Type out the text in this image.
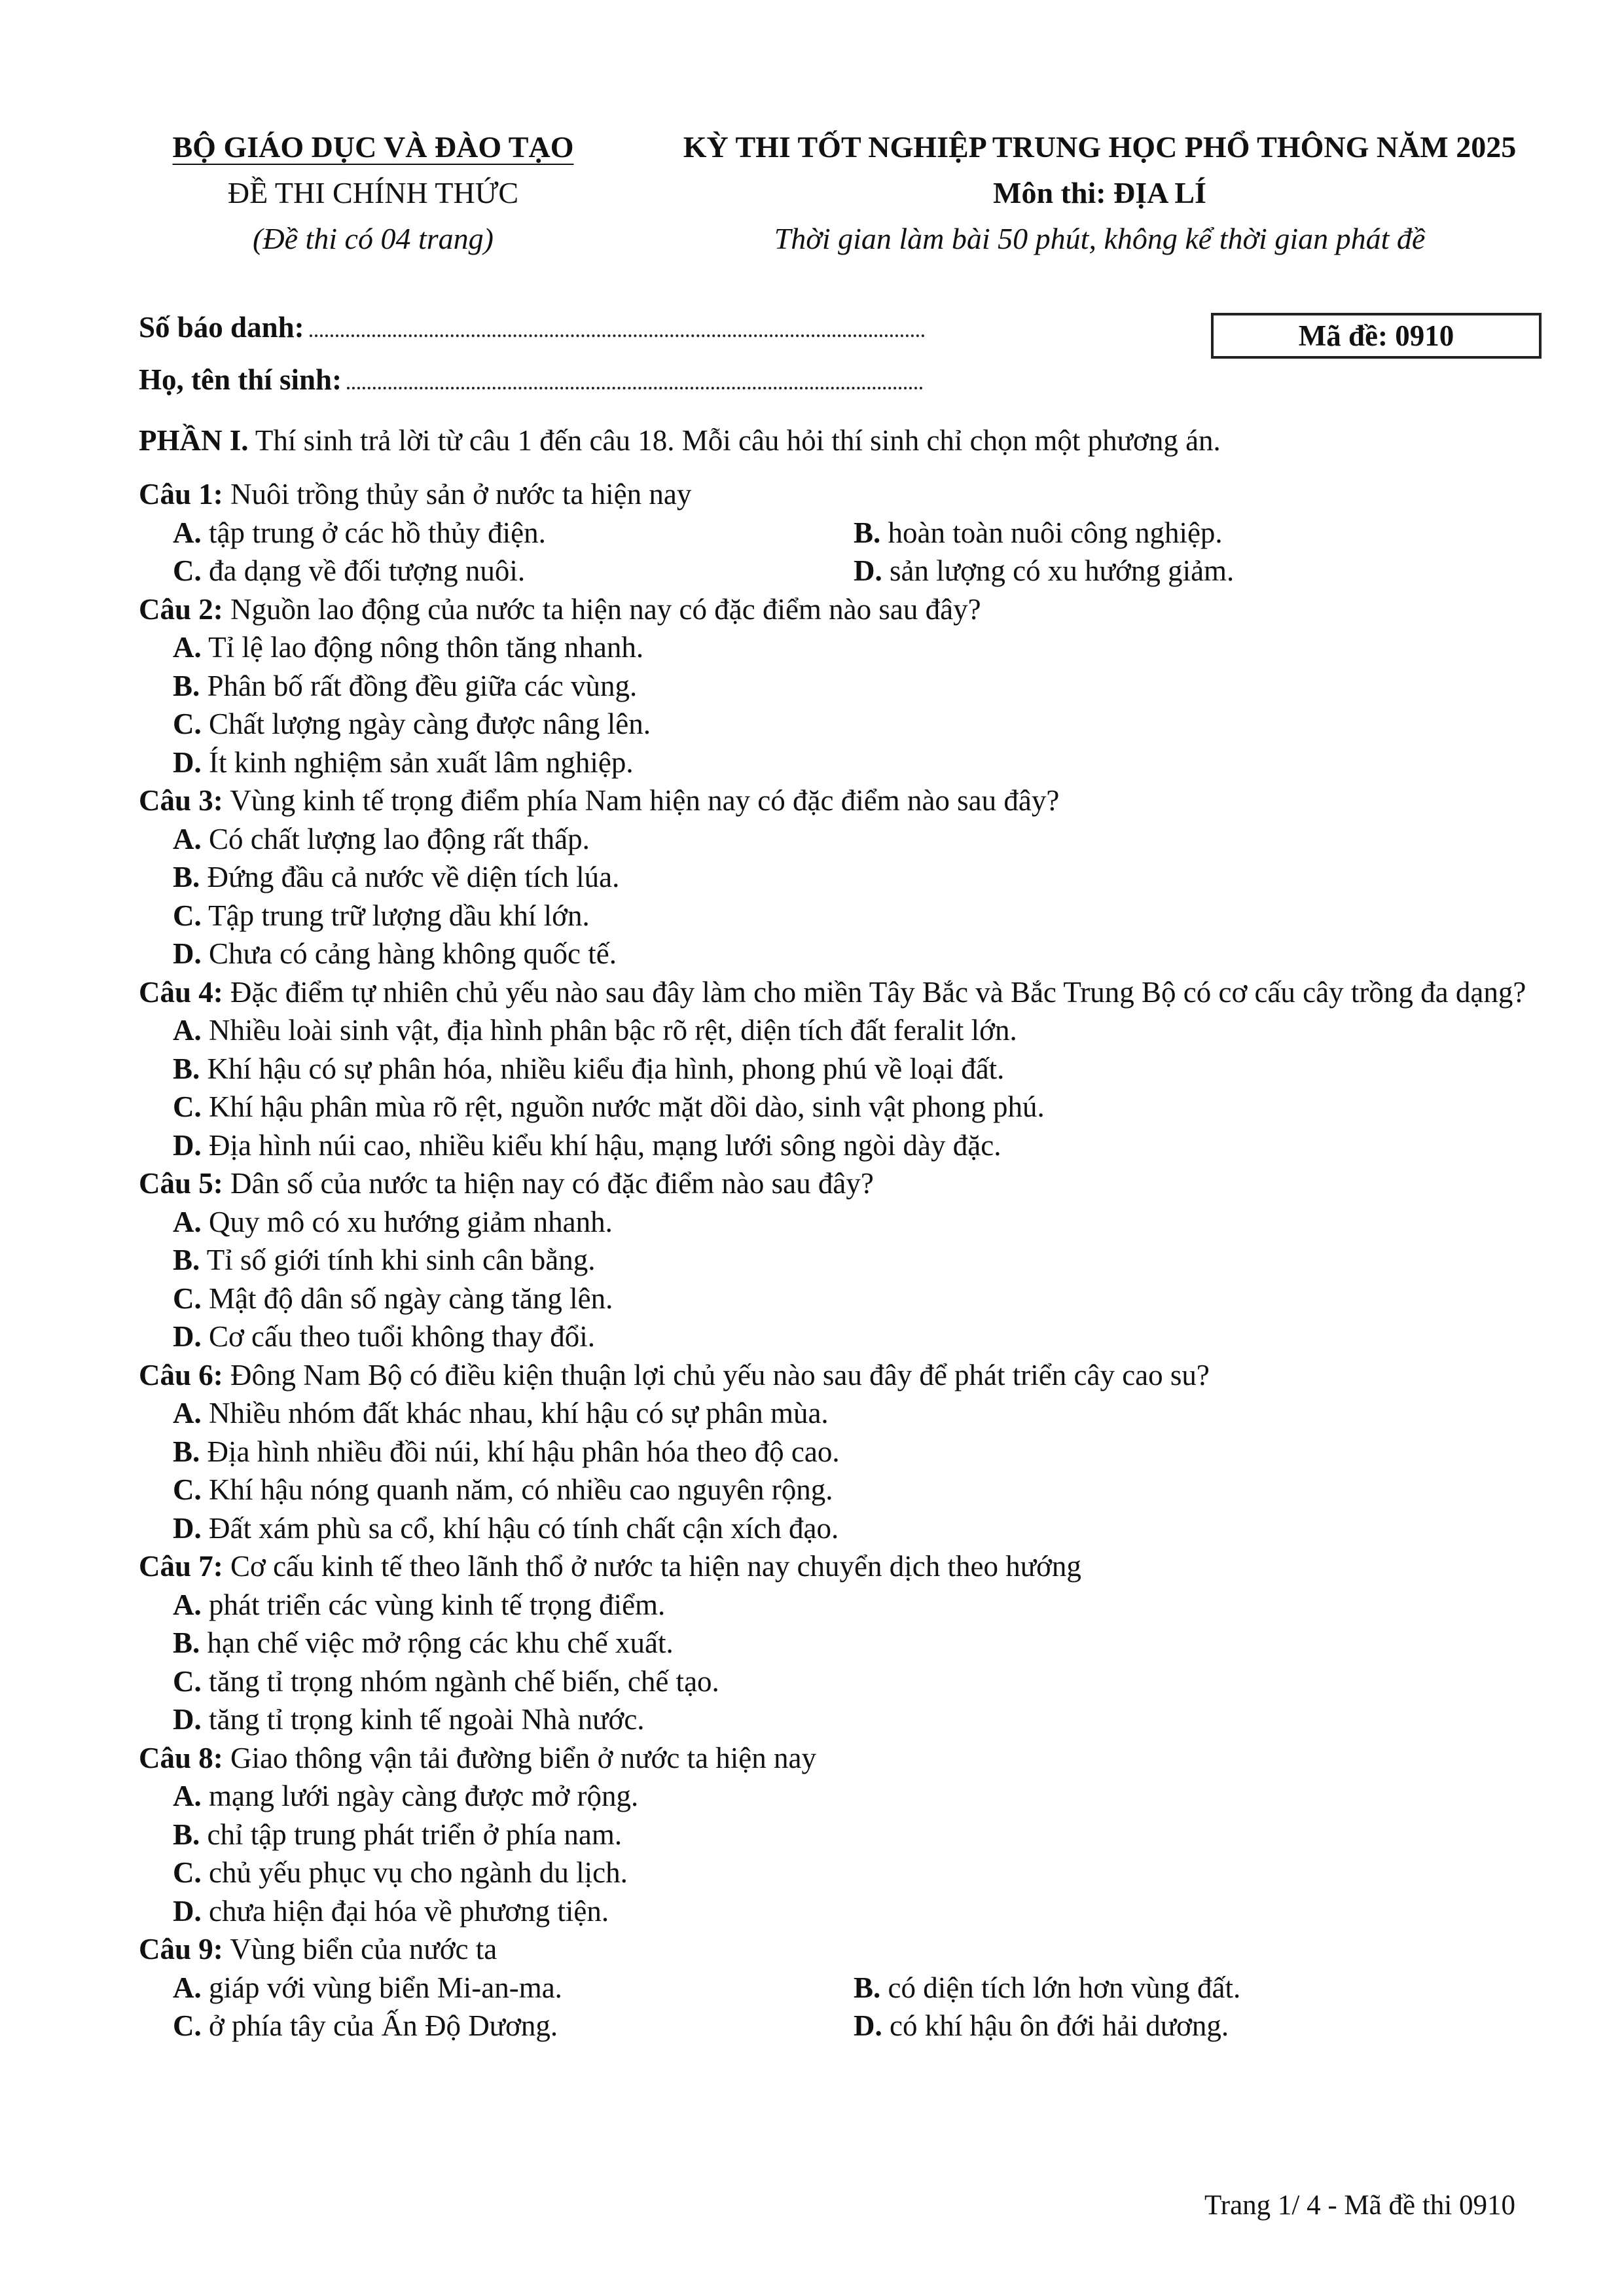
BỘ GIÁO DỤC VÀ ĐÀO TẠO
ĐỀ THI CHÍNH THỨC
(Đề thi có 04 trang)
KỲ THI TỐT NGHIỆP TRUNG HỌC PHỔ THÔNG NĂM 2025
Môn thi: ĐỊA LÍ
Thời gian làm bài 50 phút, không kể thời gian phát đề
Số báo danh:
Họ, tên thí sinh:
Mã đề: 0910
PHẦN I. Thí sinh trả lời từ câu 1 đến câu 18. Mỗi câu hỏi thí sinh chỉ chọn một phương án.
Câu 1: Nuôi trồng thủy sản ở nước ta hiện nay
A. tập trung ở các hồ thủy điện.	B. hoàn toàn nuôi công nghiệp.
C. đa dạng về đối tượng nuôi.	D. sản lượng có xu hướng giảm.
Câu 2: Nguồn lao động của nước ta hiện nay có đặc điểm nào sau đây?
A. Tỉ lệ lao động nông thôn tăng nhanh.
B. Phân bố rất đồng đều giữa các vùng.
C. Chất lượng ngày càng được nâng lên.
D. Ít kinh nghiệm sản xuất lâm nghiệp.
Câu 3: Vùng kinh tế trọng điểm phía Nam hiện nay có đặc điểm nào sau đây?
A. Có chất lượng lao động rất thấp.
B. Đứng đầu cả nước về diện tích lúa.
C. Tập trung trữ lượng dầu khí lớn.
D. Chưa có cảng hàng không quốc tế.
Câu 4: Đặc điểm tự nhiên chủ yếu nào sau đây làm cho miền Tây Bắc và Bắc Trung Bộ có cơ cấu cây trồng đa dạng?
A. Nhiều loài sinh vật, địa hình phân bậc rõ rệt, diện tích đất feralit lớn.
B. Khí hậu có sự phân hóa, nhiều kiểu địa hình, phong phú về loại đất.
C. Khí hậu phân mùa rõ rệt, nguồn nước mặt dồi dào, sinh vật phong phú.
D. Địa hình núi cao, nhiều kiểu khí hậu, mạng lưới sông ngòi dày đặc.
Câu 5: Dân số của nước ta hiện nay có đặc điểm nào sau đây?
A. Quy mô có xu hướng giảm nhanh.
B. Tỉ số giới tính khi sinh cân bằng.
C. Mật độ dân số ngày càng tăng lên.
D. Cơ cấu theo tuổi không thay đổi.
Câu 6: Đông Nam Bộ có điều kiện thuận lợi chủ yếu nào sau đây để phát triển cây cao su?
A. Nhiều nhóm đất khác nhau, khí hậu có sự phân mùa.
B. Địa hình nhiều đồi núi, khí hậu phân hóa theo độ cao.
C. Khí hậu nóng quanh năm, có nhiều cao nguyên rộng.
D. Đất xám phù sa cổ, khí hậu có tính chất cận xích đạo.
Câu 7: Cơ cấu kinh tế theo lãnh thổ ở nước ta hiện nay chuyển dịch theo hướng
A. phát triển các vùng kinh tế trọng điểm.
B. hạn chế việc mở rộng các khu chế xuất.
C. tăng tỉ trọng nhóm ngành chế biến, chế tạo.
D. tăng tỉ trọng kinh tế ngoài Nhà nước.
Câu 8: Giao thông vận tải đường biển ở nước ta hiện nay
A. mạng lưới ngày càng được mở rộng.
B. chỉ tập trung phát triển ở phía nam.
C. chủ yếu phục vụ cho ngành du lịch.
D. chưa hiện đại hóa về phương tiện.
Câu 9: Vùng biển của nước ta
A. giáp với vùng biển Mi-an-ma.	B. có diện tích lớn hơn vùng đất.
C. ở phía tây của Ấn Độ Dương.	D. có khí hậu ôn đới hải dương.
Trang 1/ 4 - Mã đề thi 0910
